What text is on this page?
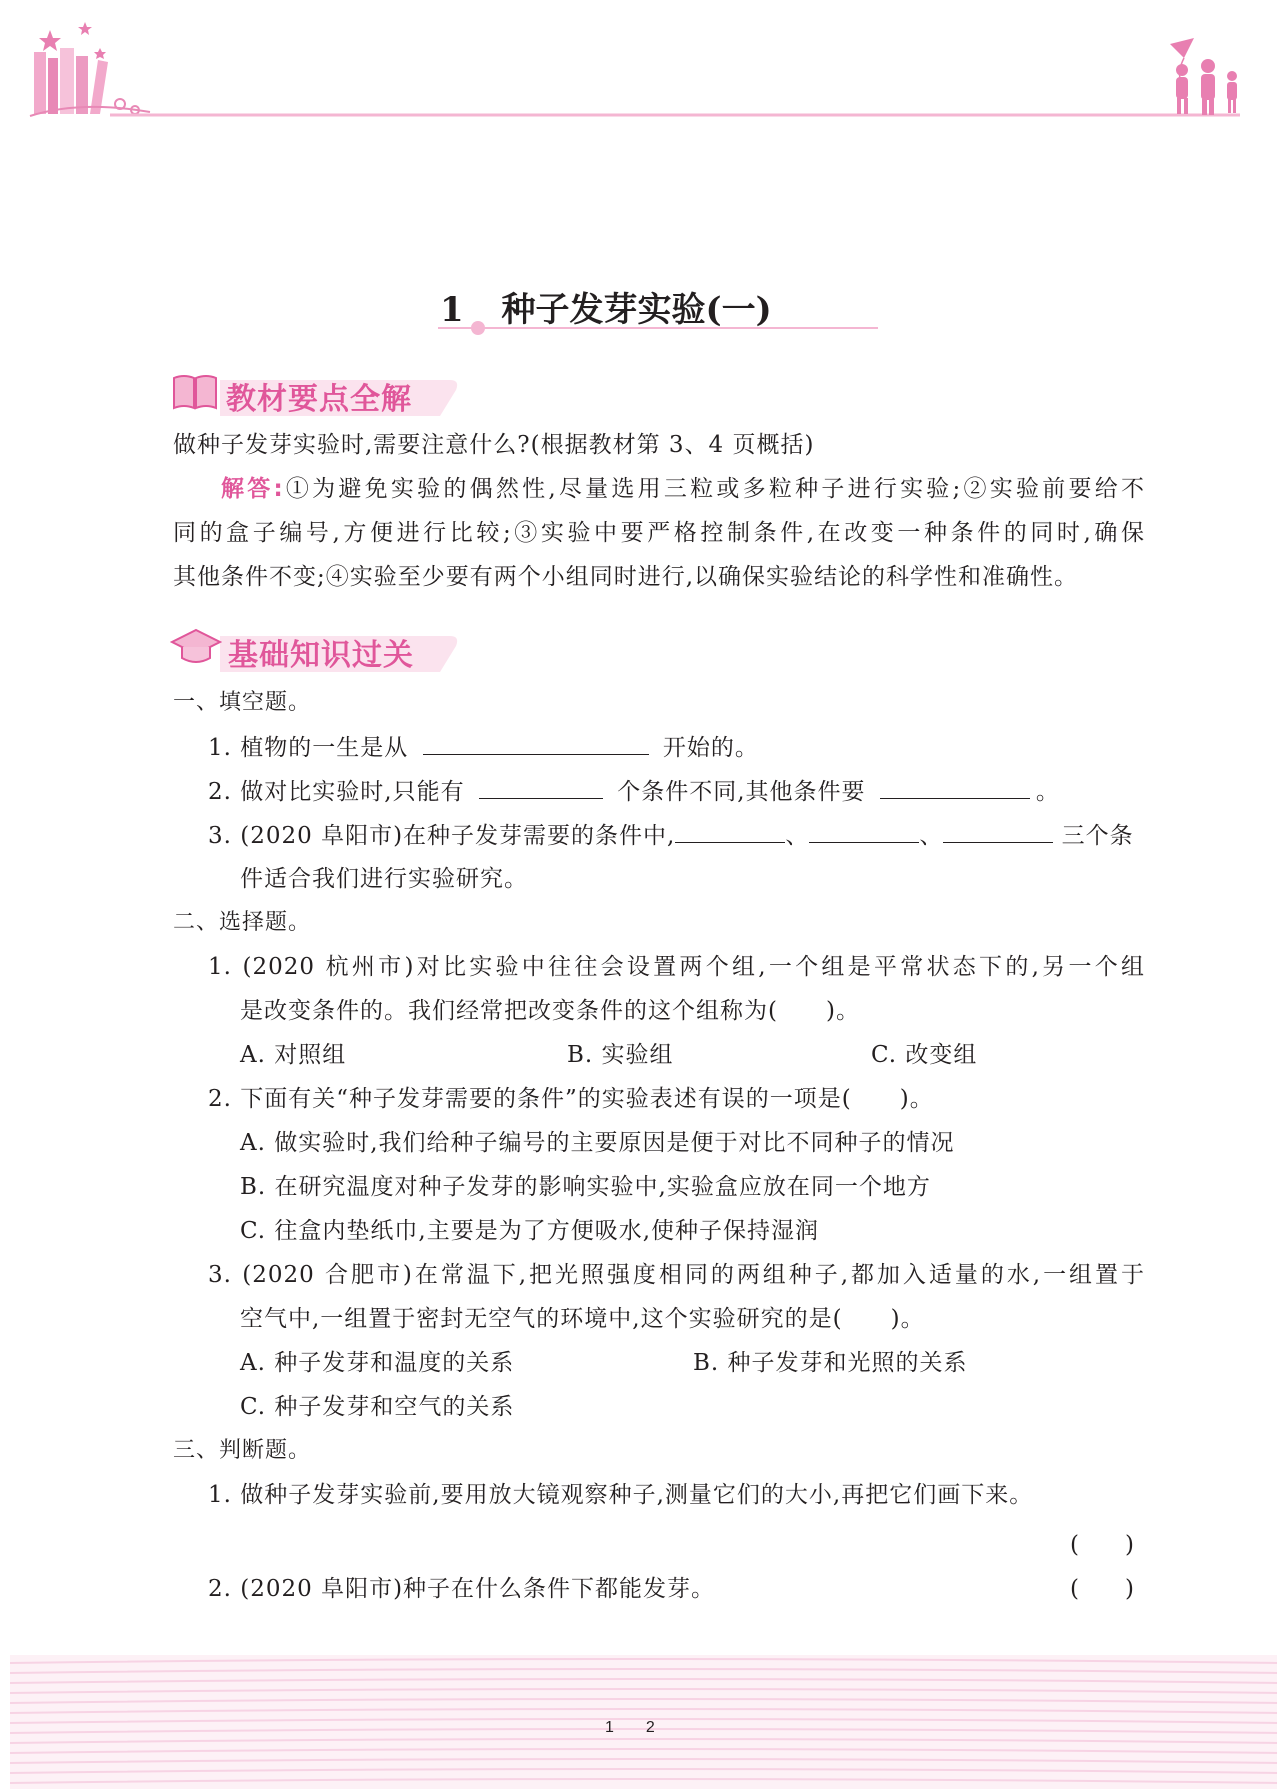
1 种子发芽实验(一)
教材要点全解
做种子发芽实验时,需要注意什么?(根据教材第 3、4 页概括)
解答:①为避免实验的偶然性,尽量选用三粒或多粒种子进行实验;②实验前要给不
同的盒子编号,方便进行比较;③实验中要严格控制条件,在改变一种条件的同时,确保
其他条件不变;④实验至少要有两个小组同时进行,以确保实验结论的科学性和准确性。
基础知识过关
一、填空题。
1. 植物的一生是从	开始的。
2. 做对比实验时,只能有	个条件不同,其他条件要	。
3. (2020 阜阳市)在种子发芽需要的条件中,	、	、	三个条
件适合我们进行实验研究。
二、选择题。
1. (2020 杭州市)对比实验中往往会设置两个组,一个组是平常状态下的,另一个组
是改变条件的。我们经常把改变条件的这个组称为(　　)。
A. 对照组	B. 实验组	C. 改变组
2. 下面有关“种子发芽需要的条件”的实验表述有误的一项是(　　)。
A. 做实验时,我们给种子编号的主要原因是便于对比不同种子的情况
B. 在研究温度对种子发芽的影响实验中,实验盒应放在同一个地方
C. 往盒内垫纸巾,主要是为了方便吸水,使种子保持湿润
3. (2020 合肥市)在常温下,把光照强度相同的两组种子,都加入适量的水,一组置于
空气中,一组置于密封无空气的环境中,这个实验研究的是(　　)。
A. 种子发芽和温度的关系	B. 种子发芽和光照的关系
C. 种子发芽和空气的关系
三、判断题。
1. 做种子发芽实验前,要用放大镜观察种子,测量它们的大小,再把它们画下来。
(　　)
2. (2020 阜阳市)种子在什么条件下都能发芽。	(　　)
1　　2
